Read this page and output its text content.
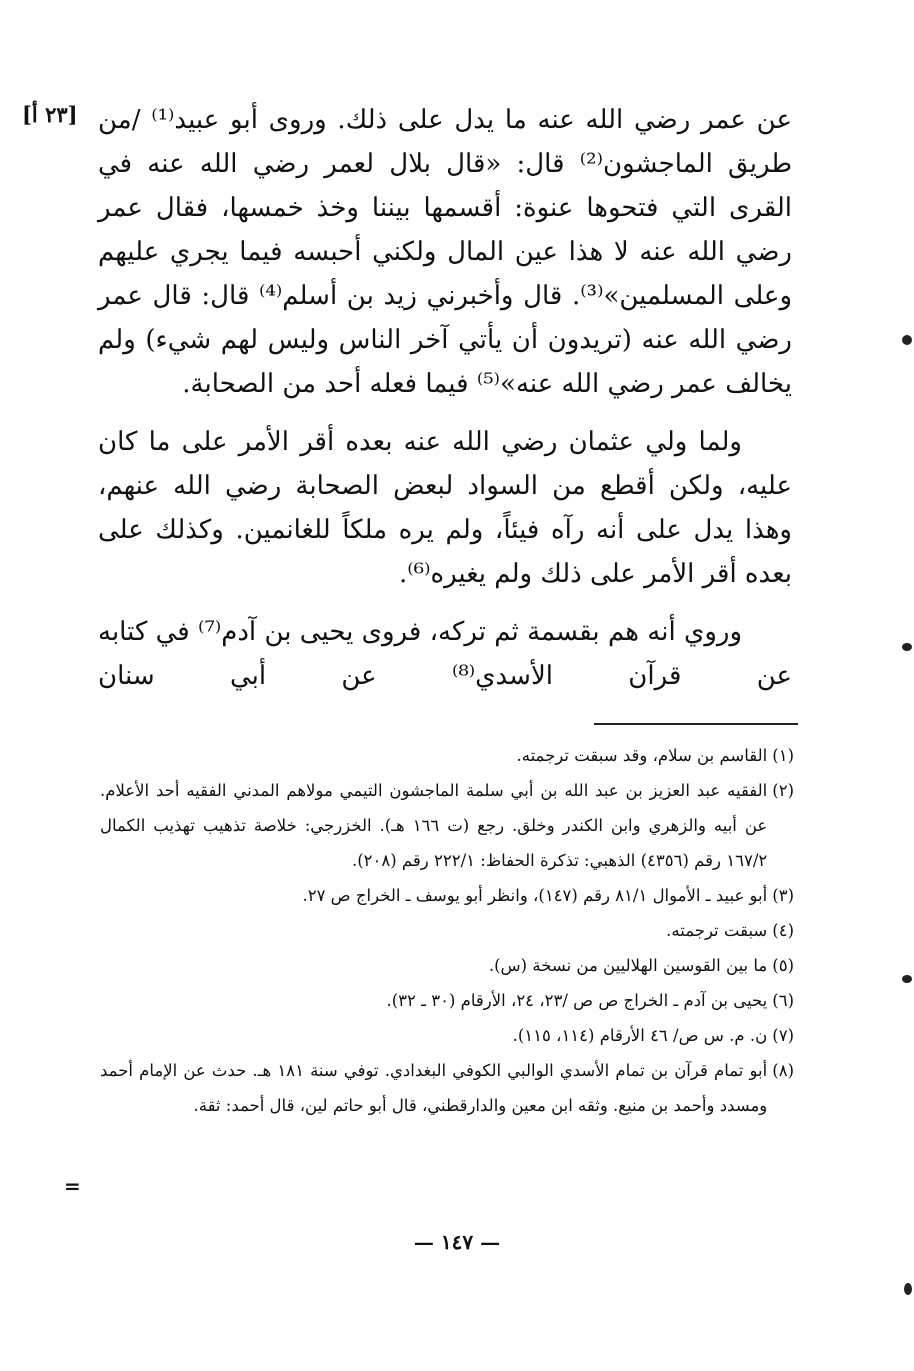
[٢٣ أ] عن عمر رضي الله عنه ما يدل على ذلك. وروى أبو عبيد⁽¹⁾ /من طريق الماجشون⁽²⁾ قال: «قال بلال لعمر رضي الله عنه في القرى التي فتحوها عنوة: أقسمها بيننا وخذ خمسها، فقال عمر رضي الله عنه لا هذا عين المال ولكني أحبسه فيما يجري عليهم وعلى المسلمين»⁽³⁾. قال وأخبرني زيد بن أسلم⁽⁴⁾ قال: قال عمر رضي الله عنه (تريدون أن يأتي آخر الناس وليس لهم شيء) ولم يخالف عمر رضي الله عنه»⁽⁵⁾ فيما فعله أحد من الصحابة.

ولما ولي عثمان رضي الله عنه بعده أقر الأمر على ما كان عليه، ولكن أقطع من السواد لبعض الصحابة رضي الله عنهم، وهذا يدل على أنه رآه فيئاً، ولم يره ملكاً للغانمين. وكذلك على بعده أقر الأمر على ذلك ولم يغيره⁽⁶⁾.

وروي أنه هم بقسمة ثم تركه، فروى يحيى بن آدم⁽⁷⁾ في كتابه عن قرآن الأسدي⁽⁸⁾ عن أبي سنان

(١)
القاسم بن سلام، وقد سبقت ترجمته.
(٢)
الفقيه عبد العزيز بن عبد الله بن أبي سلمة الماجشون التيمي مولاهم المدني الفقيه أحد الأعلام. عن أبيه والزهري وابن الكندر وخلق. رجع (ت ١٦٦ هـ). الخزرجي: خلاصة تذهيب تهذيب الكمال ١٦٧/٢ رقم (٤٣٥٦) الذهبي: تذكرة الحفاظ: ٢٢٢/١ رقم (٢٠٨).
(٣)
أبو عبيد ـ الأموال ٨١/١ رقم (١٤٧)، وانظر أبو يوسف ـ الخراج ص ٢٧.
(٤)
سبقت ترجمته.
(٥)
ما بين القوسين الهلاليين من نسخة (س).
(٦)
يحيى بن آدم ـ الخراج ص ص /٢٣، ٢٤، الأرقام (٣٠ ـ ٣٢).
(٧)
ن. م. س ص/ ٤٦ الأرقام (١١٤، ١١٥).
(٨)
أبو تمام قرآن بن تمام الأسدي الوالبي الكوفي البغدادي. توفي سنة ١٨١ هـ. حدث عن الإمام أحمد ومسدد وأحمد بن منيع. وثقه ابن معين والدارقطني، قال أبو حاتم لين، قال أحمد: ثقة.
=
— ١٤٧ —
